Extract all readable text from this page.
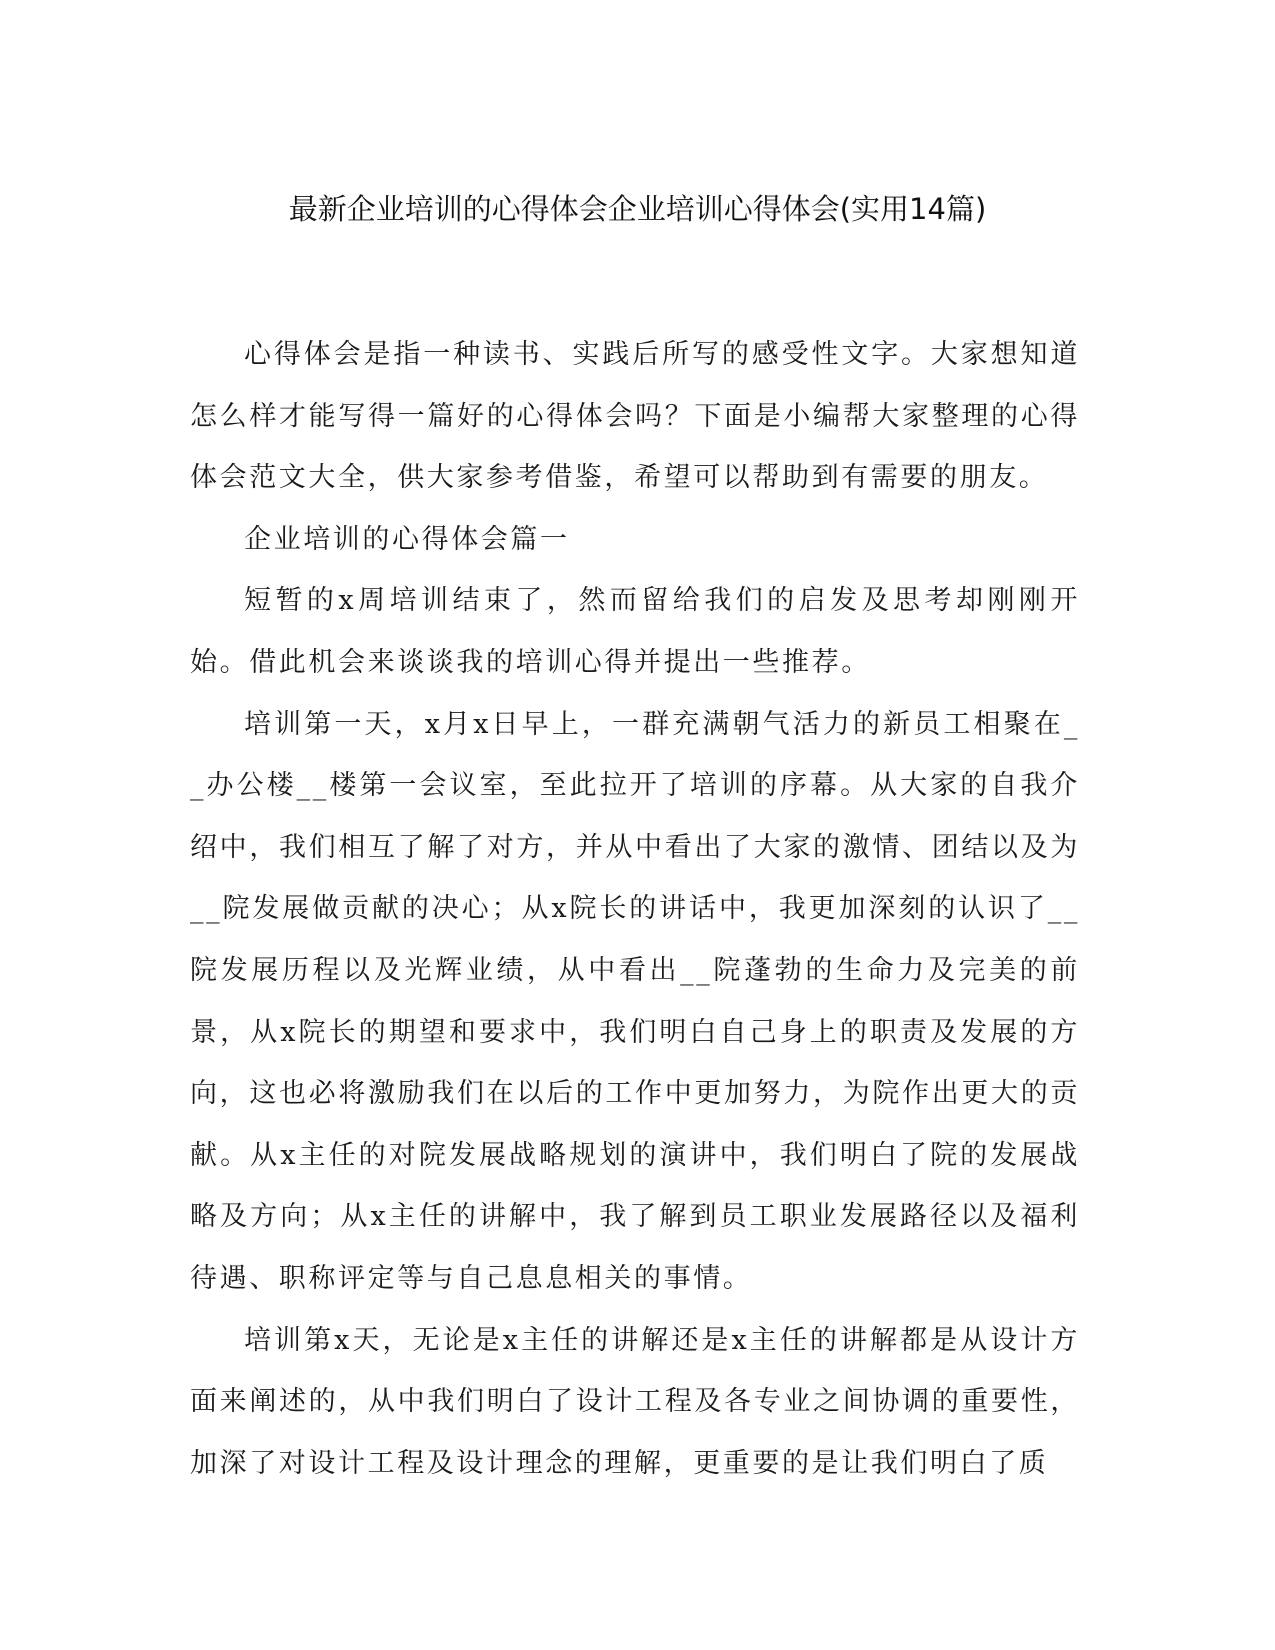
最新企业培训的心得体会企业培训心得体会(实用14篇)

心得体会是指一种读书、实践后所写的感受性文字。大家想知道怎么样才能写得一篇好的心得体会吗？下面是小编帮大家整理的心得体会范文大全，供大家参考借鉴，希望可以帮助到有需要的朋友。

企业培训的心得体会篇一

短暂的x周培训结束了，然而留给我们的启发及思考却刚刚开始。借此机会来谈谈我的培训心得并提出一些推荐。

培训第一天，x月x日早上，一群充满朝气活力的新员工相聚在__办公楼__楼第一会议室，至此拉开了培训的序幕。从大家的自我介绍中，我们相互了解了对方，并从中看出了大家的激情、团结以及为__院发展做贡献的决心；从x院长的讲话中，我更加深刻的认识了__院发展历程以及光辉业绩，从中看出__院蓬勃的生命力及完美的前景，从x院长的期望和要求中，我们明白自己身上的职责及发展的方向，这也必将激励我们在以后的工作中更加努力，为院作出更大的贡献。从x主任的对院发展战略规划的演讲中，我们明白了院的发展战略及方向；从x主任的讲解中，我了解到员工职业发展路径以及福利待遇、职称评定等与自己息息相关的事情。

培训第x天，无论是x主任的讲解还是x主任的讲解都是从设计方面来阐述的，从中我们明白了设计工程及各专业之间协调的重要性，加深了对设计工程及设计理念的理解，更重要的是让我们明白了质
